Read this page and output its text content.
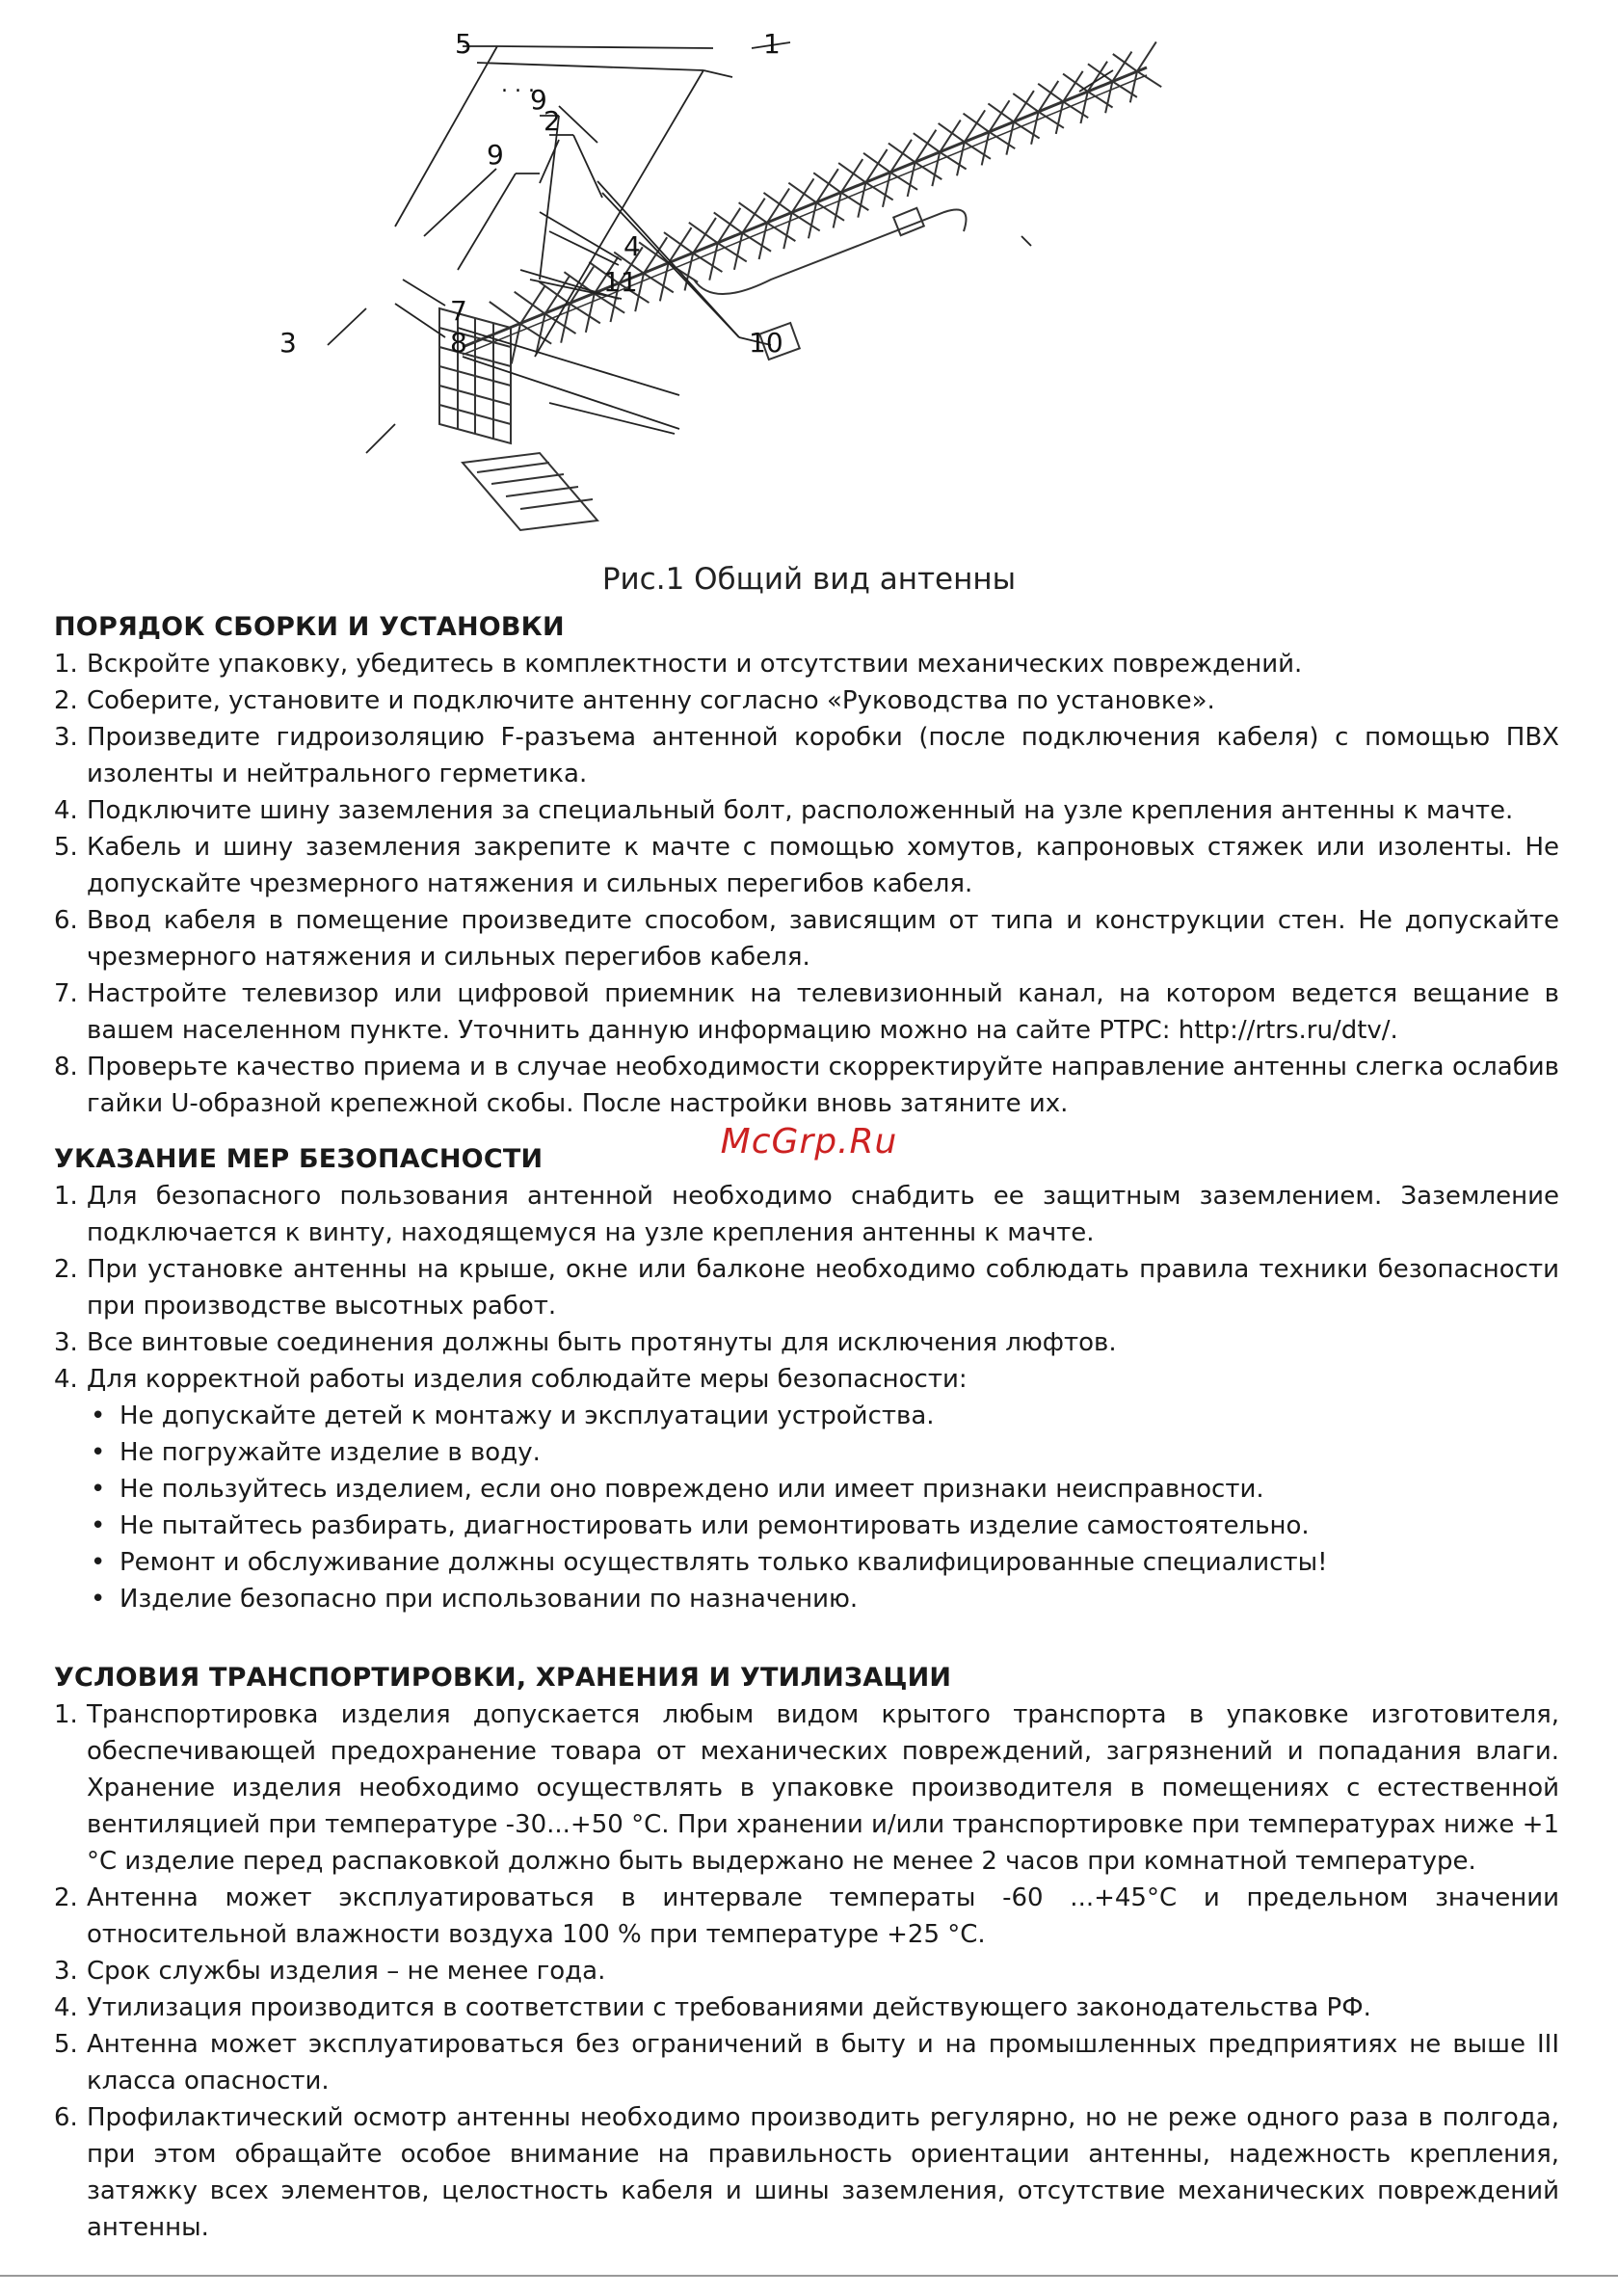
5	1
9
2
9
4
11
7
3	8	10
. . .
Рис.1 Общий вид антенны
McGrp.Ru
ПОРЯДОК СБОРКИ И УСТАНОВКИ
1. Вскройте упаковку, убедитесь в комплектности и отсутствии механических повреждений.
2. Соберите, установите и подключите антенну согласно «Руководства по установке».
3. Произведите гидроизоляцию F-разъема антенной коробки (после подключения кабеля) с помощью ПВХ изоленты и нейтрального герметика.
4. Подключите шину заземления за специальный болт, расположенный на узле крепления антенны к мачте.
5. Кабель и шину заземления закрепите к мачте с помощью хомутов, капроновых стяжек или изоленты. Не допускайте чрезмерного натяжения и сильных перегибов кабеля.
6. Ввод кабеля в помещение произведите способом, зависящим от типа и конструкции стен. Не допускайте чрезмерного натяжения и сильных перегибов кабеля.
7. Настройте телевизор или цифровой приемник на телевизионный канал, на котором ведется вещание в вашем населенном пункте. Уточнить данную информацию можно на сайте РТРС: http://rtrs.ru/dtv/.
8. Проверьте качество приема и в случае необходимости скорректируйте направление антенны слегка ослабив гайки U-образной крепежной скобы. После настройки вновь затяните их.
УКАЗАНИЕ МЕР БЕЗОПАСНОСТИ
1. Для безопасного пользования антенной необходимо снабдить ее защитным заземлением. Заземление подключается к винту, находящемуся на узле крепления антенны к мачте.
2. При установке антенны на крыше, окне или балконе необходимо соблюдать правила техники безопасности при производстве высотных работ.
3. Все винтовые соединения должны быть протянуты для исключения люфтов.
4. Для корректной работы изделия соблюдайте меры безопасности:
• Не допускайте детей к монтажу и эксплуатации устройства.
• Не погружайте изделие в воду.
• Не пользуйтесь изделием, если оно повреждено или имеет признаки неисправности.
• Не пытайтесь разбирать, диагностировать или ремонтировать изделие самостоятельно.
• Ремонт и обслуживание должны осуществлять только квалифицированные специалисты!
• Изделие безопасно при использовании по назначению.
УСЛОВИЯ ТРАНСПОРТИРОВКИ, ХРАНЕНИЯ И УТИЛИЗАЦИИ
1. Транспортировка изделия допускается любым видом крытого транспорта в упаковке изготовителя, обеспечивающей предохранение товара от механических повреждений, загрязнений и попадания влаги. Хранение изделия необходимо осуществлять в упаковке производителя в помещениях с естественной вентиляцией при температуре -30...+50 °С. При хранении и/или транспортировке при температурах ниже +1 °С изделие перед распаковкой должно быть выдержано не менее 2 часов при комнатной температуре.
2. Антенна может эксплуатироваться в интервале температы -60 ...+45°С и предельном значении относительной влажности воздуха 100 % при температуре +25 °С.
3. Срок службы изделия – не менее года.
4. Утилизация производится в соответствии с требованиями действующего законодательства РФ.
5. Антенна может эксплуатироваться без ограничений в быту и на промышленных предприятиях не выше III класса опасности.
6. Профилактический осмотр антенны необходимо производить регулярно, но не реже одного раза в полгода, при этом обращайте особое внимание на правильность ориентации антенны, надежность крепления, затяжку всех элементов, целостность кабеля и шины заземления, отсутствие механических повреждений антенны.
